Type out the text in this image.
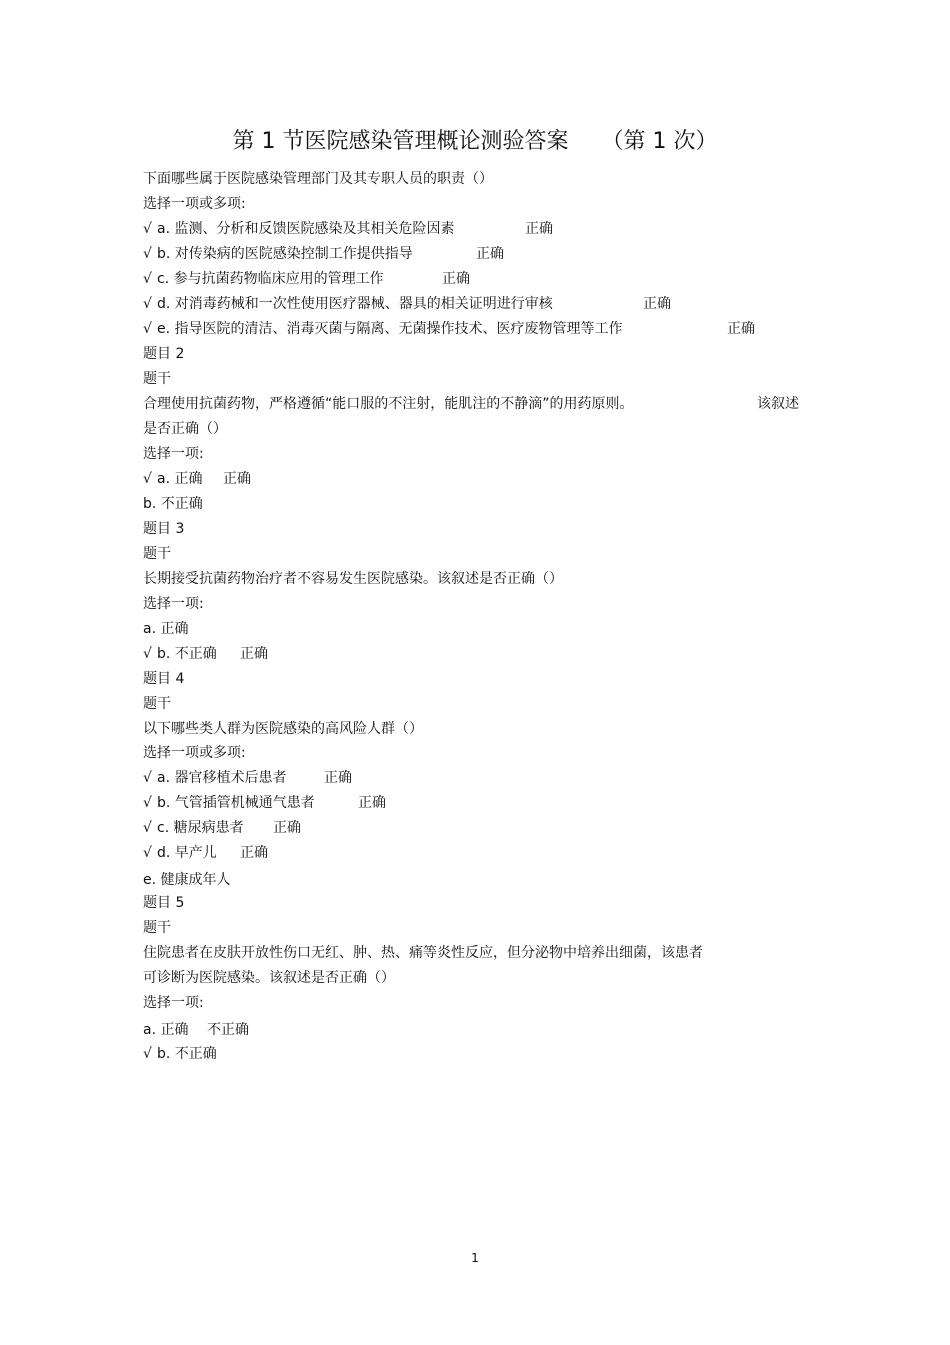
第 1 节医院感染管理概论测验答案　　（第 1 次）
下面哪些属于医院感染管理部门及其专职人员的职责（）
选择一项或多项:
√ a. 监测、分析和反馈医院感染及其相关危险因素	正确
√ b. 对传染病的医院感染控制工作提供指导	正确
√ c. 参与抗菌药物临床应用的管理工作	正确
√ d. 对消毒药械和一次性使用医疗器械、器具的相关证明进行审核	正确
√ e. 指导医院的清洁、消毒灭菌与隔离、无菌操作技术、医疗废物管理等工作	正确
题目 2
题干
合理使用抗菌药物，严格遵循“能口服的不注射，能肌注的不静滴”的用药原则。	该叙述
是否正确（）
选择一项:
√ a. 正确 正确
b. 不正确
题目 3
题干
长期接受抗菌药物治疗者不容易发生医院感染。该叙述是否正确（）
选择一项:
a. 正确
√ b. 不正确 正确
题目 4
题干
以下哪些类人群为医院感染的高风险人群（）
选择一项或多项:
√ a. 器官移植术后患者	正确
√ b. 气管插管机械通气患者	正确
√ c. 糖尿病患者 正确
√ d. 早产儿 正确
e. 健康成年人
题目 5
题干
住院患者在皮肤开放性伤口无红、肿、热、痛等炎性反应，但分泌物中培养出细菌，该患者
可诊断为医院感染。该叙述是否正确（）
选择一项:
a. 正确 不正确
√ b. 不正确
1
